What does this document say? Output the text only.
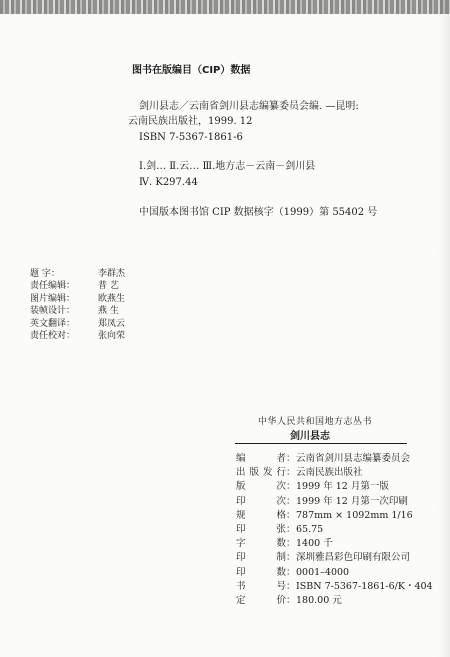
图书在版编目（CIP）数据
剑川县志／云南省剑川县志编纂委员会编. —昆明:
云南民族出版社，1999. 12
ISBN 7-5367-1861-6
Ⅰ.剑… Ⅱ.云… Ⅲ.地方志－云南－剑川县
Ⅳ. K297.44
中国版本图书馆 CIP 数据核字（1999）第 55402 号
题 字：	李群杰
责任编辑：	普 艺
图片编辑：	欧燕生
装帧设计：	燕 生
英文翻译：	郑凤云
责任校对：	张向荣
中华人民共和国地方志丛书
剑川县志
编	者 ： 云南省剑川县志编纂委员会
出 版 发 行 ： 云南民族出版社
版	次 ： 1999 年 12 月第一版
印	次 ： 1999 年 12 月第一次印刷
规	格 ： 787mm × 1092mm 1/16
印	张 ： 65.75
字	数 ： 1400 千
印	制 ： 深圳雅昌彩色印刷有限公司
印	数 ： 0001–4000
书	号 ： ISBN 7-5367-1861-6/K・404
定	价 ： 180.00 元
